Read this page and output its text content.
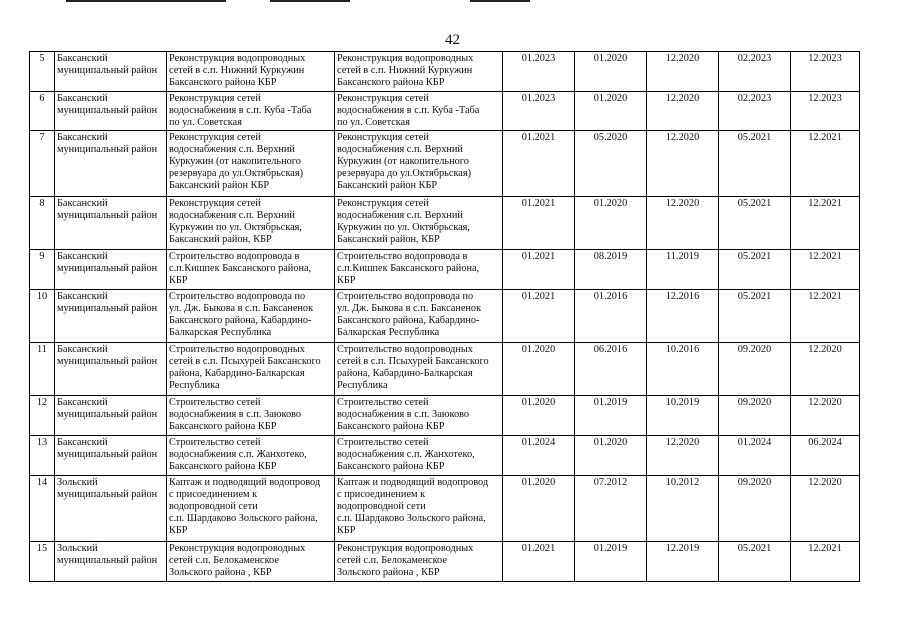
42
5	Баксанский
муниципальный район	Реконструкция водопроводных
сетей в с.п. Нижний Куркужин
Баксанского района КБР	Реконструкция водопроводных
сетей в с.п. Нижний Куркужин
Баксанского района КБР	01.2023	01.2020	12.2020	02.2023	12.2023
6	Баксанский
муниципальный район	Реконструкция сетей
водоснабжения в с.п. Куба -Таба
по ул. Советская	Реконструкция сетей
водоснабжения в с.п. Куба -Таба
по ул. Советская	01.2023	01.2020	12.2020	02.2023	12.2023
7	Баксанский
муниципальный район	Реконструкция сетей
водоснабжения с.п. Верхний
Куркужин (от накопительного
резервуара до ул.Октябрьская)
Баксанский район КБР	Реконструкция сетей
водоснабжения с.п. Верхний
Куркужин (от накопительного
резервуара до ул.Октябрьская)
Баксанский район КБР	01.2021	05.2020	12.2020	05.2021	12.2021
8	Баксанский
муниципальный район	Реконструкция сетей
водоснабжения с.п. Верхний
Куркужин по ул. Октябрьская,
Баксанский район, КБР	Реконструкция сетей
водоснабжения с.п. Верхний
Куркужин по ул. Октябрьская,
Баксанский район, КБР	01.2021	01.2020	12.2020	05.2021	12.2021
9	Баксанский
муниципальный район	Строительство водопровода в
с.п.Кишпек Баксанского района,
КБР	Строительство водопровода в
с.п.Кишпек Баксанского района,
КБР	01.2021	08.2019	11.2019	05.2021	12.2021
10	Баксанский
муниципальный район	Строительство водопровода по
ул. Дж. Быкова в с.п. Баксаненок
Баксанского района, Кабардино-
Балкарская Республика	Строительство водопровода по
ул. Дж. Быкова в с.п. Баксаненок
Баксанского района, Кабардино-
Балкарская Республика	01.2021	01.2016	12.2016	05.2021	12.2021
11	Баксанский
муниципальный район	Строительство водопроводных
сетей в с.п. Псыхурей Баксанского
района, Кабардино-Балкарская
Республика	Строительство водопроводных
сетей в с.п. Псыхурей Баксанского
района, Кабардино-Балкарская
Республика	01.2020	06.2016	10.2016	09.2020	12.2020
12	Баксанский
муниципальный район	Строительство сетей
водоснабжения в с.п. Заюково
Баксанского района КБР	Строительство сетей
водоснабжения в с.п. Заюково
Баксанского района КБР	01.2020	01.2019	10.2019	09.2020	12.2020
13	Баксанский
муниципальный район	Строительство сетей
водоснабжения с.п. Жанхотеко,
Баксанского района КБР	Строительство сетей
водоснабжения с.п. Жанхотеко,
Баксанского района КБР	01.2024	01.2020	12.2020	01.2024	06.2024
14	Зольский
муниципальный район	Каптаж и подводящий водопровод
с присоединением к
водопроводной сети
с.п. Шардаково Зольского района,
КБР	Каптаж и подводящий водопровод
с присоединением к
водопроводной сети
с.п. Шардаково Зольского района,
КБР	01.2020	07.2012	10.2012	09.2020	12.2020
15	Зольский
муниципальный район	Реконструкция водопроводных
сетей с.п. Белокаменское
Зольского района , КБР	Реконструкция водопроводных
сетей с.п. Белокаменское
Зольского района , КБР	01.2021	01.2019	12.2019	05.2021	12.2021
